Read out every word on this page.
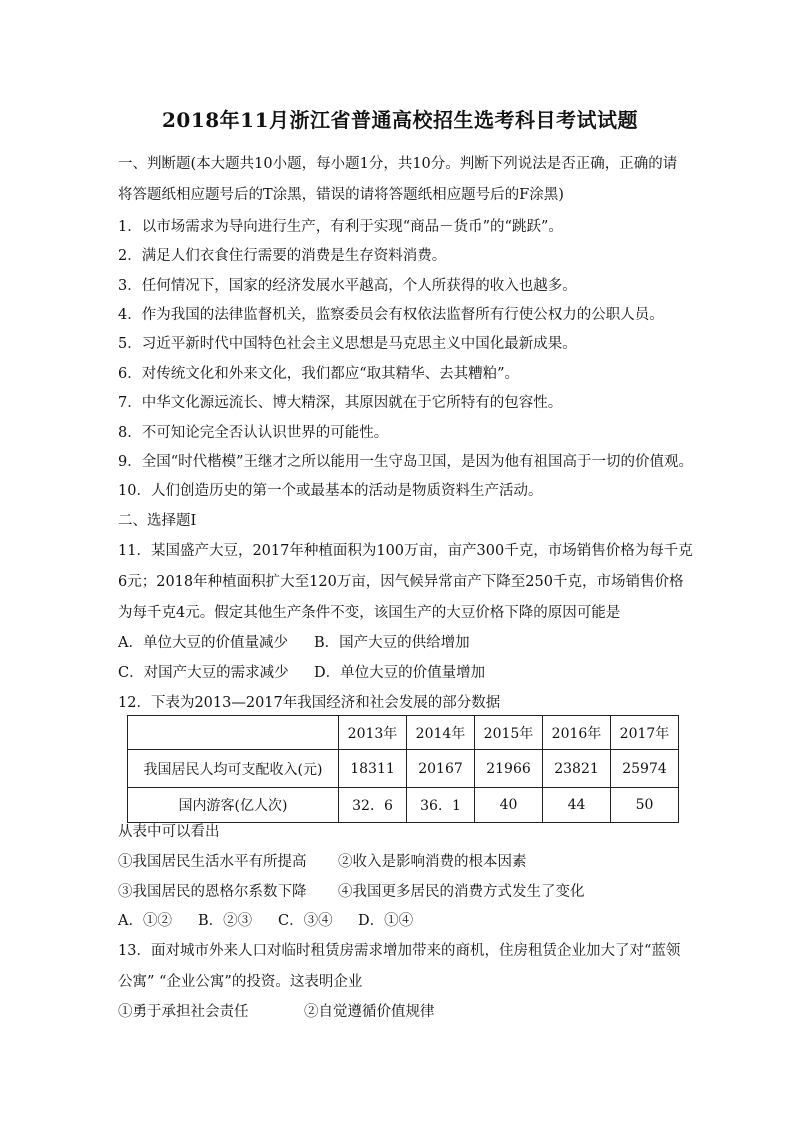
2018年11月浙江省普通高校招生选考科目考试试题
一、判断题(本大题共10小题，每小题1分，共10分。判断下列说法是否正确，正确的请
将答题纸相应题号后的T涂黑，错误的请将答题纸相应题号后的F涂黑)
1．以市场需求为导向进行生产，有利于实现“商品－货币”的“跳跃”。
2．满足人们衣食住行需要的消费是生存资料消费。
3．任何情况下，国家的经济发展水平越高，个人所获得的收入也越多。
4．作为我国的法律监督机关，监察委员会有权依法监督所有行使公权力的公职人员。
5．习近平新时代中国特色社会主义思想是马克思主义中国化最新成果。
6．对传统文化和外来文化，我们都应“取其精华、去其糟粕”。
7．中华文化源远流长、博大精深，其原因就在于它所特有的包容性。
8．不可知论完全否认认识世界的可能性。
9．全国“时代楷模”王继才之所以能用一生守岛卫国，是因为他有祖国高于一切的价值观。
10．人们创造历史的第一个或最基本的活动是物质资料生产活动。
二、选择题I
11．某国盛产大豆，2017年种植面积为100万亩，亩产300千克，市场销售价格为每千克
6元；2018年种植面积扩大至120万亩，因气候异常亩产下降至250千克，市场销售价格
为每千克4元。假定其他生产条件不变，该国生产的大豆价格下降的原因可能是
A．单位大豆的价值量减少 B．国产大豆的供给增加
C．对国产大豆的需求减少 D．单位大豆的价值量增加
12．下表为2013—2017年我国经济和社会发展的部分数据
	2013年	2014年	2015年	2016年	2017年
我国居民人均可支配收入(元)	18311	20167	21966	23821	25974
国内游客(亿人次)	32．6	36．1	40	44	50
从表中可以看出
①我国居民生活水平有所提高 ②收入是影响消费的根本因素
③我国居民的恩格尔系数下降 ④我国更多居民的消费方式发生了变化
A．①② B．②③ C．③④ D．①④
13．面对城市外来人口对临时租赁房需求增加带来的商机，住房租赁企业加大了对“蓝领
公寓” “企业公寓”的投资。这表明企业
①勇于承担社会责任	②自觉遵循价值规律
